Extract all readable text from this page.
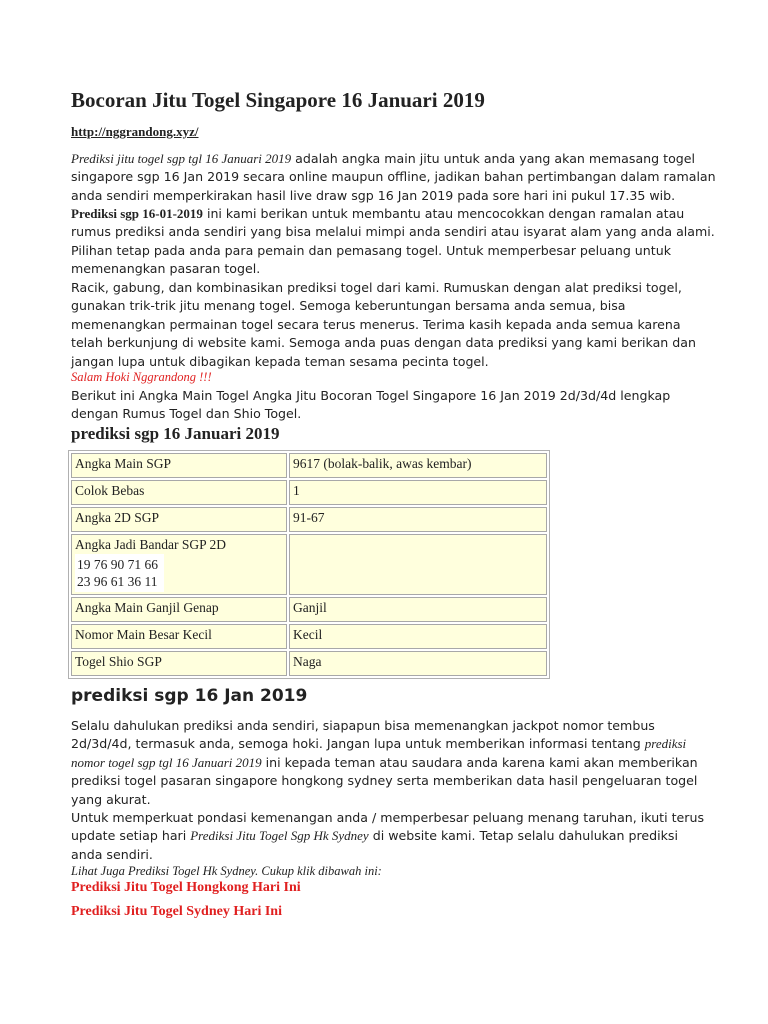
Bocoran Jitu Togel Singapore 16 Januari 2019
http://nggrandong.xyz/

Prediksi jitu togel sgp tgl 16 Januari 2019 adalah angka main jitu untuk anda yang akan memasang togel

singapore sgp 16 Jan 2019 secara online maupun offline, jadikan bahan pertimbangan dalam ramalan

anda sendiri memperkirakan hasil live draw sgp 16 Jan 2019 pada sore hari ini pukul 17.35 wib.

Prediksi sgp 16-01-2019 ini kami berikan untuk membantu atau mencocokkan dengan ramalan atau

rumus prediksi anda sendiri yang bisa melalui mimpi anda sendiri atau isyarat alam yang anda alami.

Pilihan tetap pada anda para pemain dan pemasang togel. Untuk memperbesar peluang untuk

memenangkan pasaran togel.

Racik, gabung, dan kombinasikan prediksi togel dari kami. Rumuskan dengan alat prediksi togel,

gunakan trik-trik jitu menang togel. Semoga keberuntungan bersama anda semua, bisa

memenangkan permainan togel secara terus menerus. Terima kasih kepada anda semua karena

telah berkunjung di website kami. Semoga anda puas dengan data prediksi yang kami berikan dan

jangan lupa untuk dibagikan kepada teman sesama pecinta togel.

Salam Hoki Nggrandong !!!

Berikut ini Angka Main Togel Angka Jitu Bocoran Togel Singapore 16 Jan 2019 2d/3d/4d lengkap

dengan Rumus Togel dan Shio Togel.

prediksi sgp 16 Januari 2019
Angka Main SGP	9617 (bolak-balik, awas kembar)
Colok Bebas	1
Angka 2D SGP	91-67

Angka Jadi Bandar SGP 2D
19 76 90 71 66
23 96 61 36 11	

Angka Main Ganjil Genap	Ganjil
Nomor Main Besar Kecil	Kecil
Togel Shio SGP	Naga
prediksi sgp 16 Jan 2019

Selalu dahulukan prediksi anda sendiri, siapapun bisa memenangkan jackpot nomor tembus

2d/3d/4d, termasuk anda, semoga hoki. Jangan lupa untuk memberikan informasi tentang prediksi

nomor togel sgp tgl 16 Januari 2019 ini kepada teman atau saudara anda karena kami akan memberikan

prediksi togel pasaran singapore hongkong sydney serta memberikan data hasil pengeluaran togel

yang akurat.

Untuk memperkuat pondasi kemenangan anda / memperbesar peluang menang taruhan, ikuti terus

update setiap hari Prediksi Jitu Togel Sgp Hk Sydney di website kami. Tetap selalu dahulukan prediksi

anda sendiri.

Lihat Juga Prediksi Togel Hk Sydney. Cukup klik dibawah ini:
Prediksi Jitu Togel Hongkong Hari Ini
Prediksi Jitu Togel Sydney Hari Ini
